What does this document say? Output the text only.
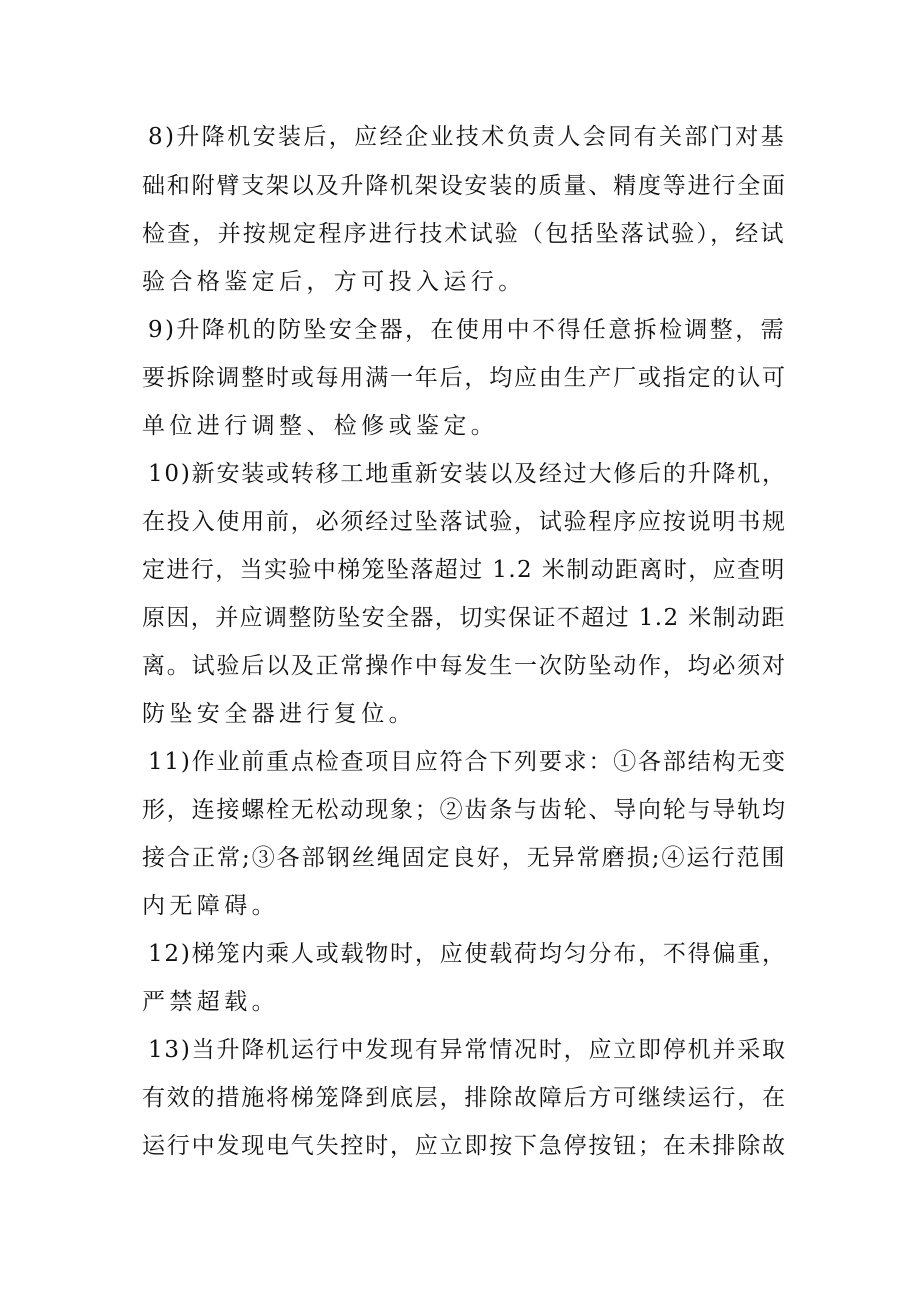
8)升降机安装后，应经企业技术负责人会同有关部门对基
础和附臂支架以及升降机架设安装的质量、精度等进行全面
检查，并按规定程序进行技术试验（包括坠落试验），经试
验合格鉴定后，方可投入运行。
9)升降机的防坠安全器，在使用中不得任意拆检调整，需
要拆除调整时或每用满一年后，均应由生产厂或指定的认可
单位进行调整、检修或鉴定。
10)新安装或转移工地重新安装以及经过大修后的升降机，
在投入使用前，必须经过坠落试验，试验程序应按说明书规
定进行，当实验中梯笼坠落超过 1.2 米制动距离时，应查明
原因，并应调整防坠安全器，切实保证不超过 1.2 米制动距
离。试验后以及正常操作中每发生一次防坠动作，均必须对
防坠安全器进行复位。
11)作业前重点检查项目应符合下列要求：①各部结构无变
形，连接螺栓无松动现象；②齿条与齿轮、导向轮与导轨均
接合正常;③各部钢丝绳固定良好，无异常磨损;④运行范围
内无障碍。
12)梯笼内乘人或载物时，应使载荷均匀分布，不得偏重，
严禁超载。
13)当升降机运行中发现有异常情况时，应立即停机并采取
有效的措施将梯笼降到底层，排除故障后方可继续运行，在
运行中发现电气失控时，应立即按下急停按钮；在未排除故
